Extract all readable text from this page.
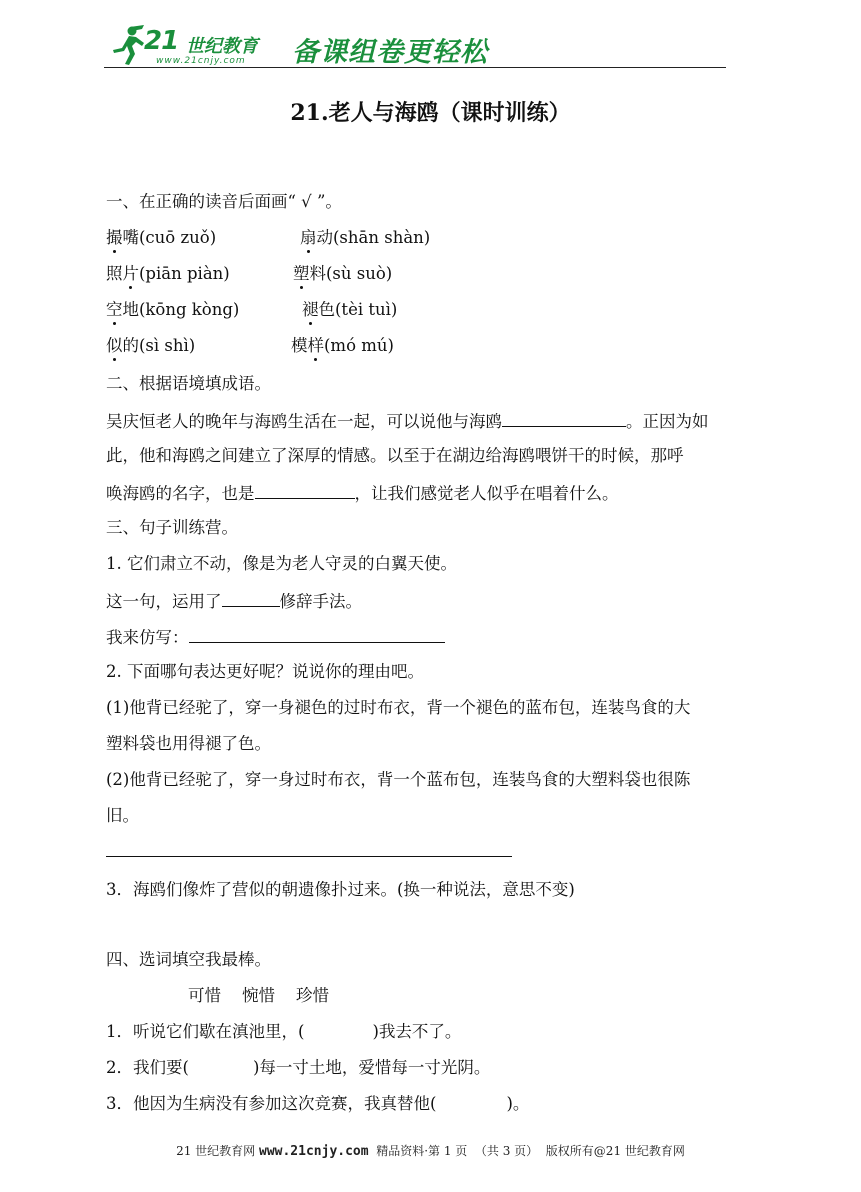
21 世纪教育
www.21cnjy.com 备课组卷更轻松
21.老人与海鸥（课时训练）
一、在正确的读音后面画“ √ ”。
撮嘴(cuō zuǒ)	扇动(shān shàn)
照片(piān piàn)	塑料(sù suò)
空地(kōng kòng)	褪色(tèi tuì)
似的(sì shì)	模样(mó mú)
二、根据语境填成语。
吴庆恒老人的晚年与海鸥生活在一起，可以说他与海鸥	。正因为如
此，他和海鸥之间建立了深厚的情感。以至于在湖边给海鸥喂饼干的时候，那呼
唤海鸥的名字，也是	，让我们感觉老人似乎在唱着什么。
三、句子训练营。
1. 它们肃立不动，像是为老人守灵的白翼天使。
这一句，运用了	修辞手法。
我来仿写：
2. 下面哪句表达更好呢？说说你的理由吧。
(1)他背已经驼了，穿一身褪色的过时布衣，背一个褪色的蓝布包，连装鸟食的大
塑料袋也用得褪了色。
(2)他背已经驼了，穿一身过时布衣，背一个蓝布包，连装鸟食的大塑料袋也很陈
旧。
3．海鸥们像炸了营似的朝遗像扑过来。(换一种说法，意思不变)
四、选词填空我最棒。
可惜    惋惜    珍惜
1．听说它们歇在滇池里，(	)我去不了。
2．我们要(	)每一寸土地，爱惜每一寸光阴。
3．他因为生病没有参加这次竞赛，我真替他(	)。
21 世纪教育网 www.21cnjy.com  精品资料·第 1 页  （共 3 页）  版权所有@21 世纪教育网
